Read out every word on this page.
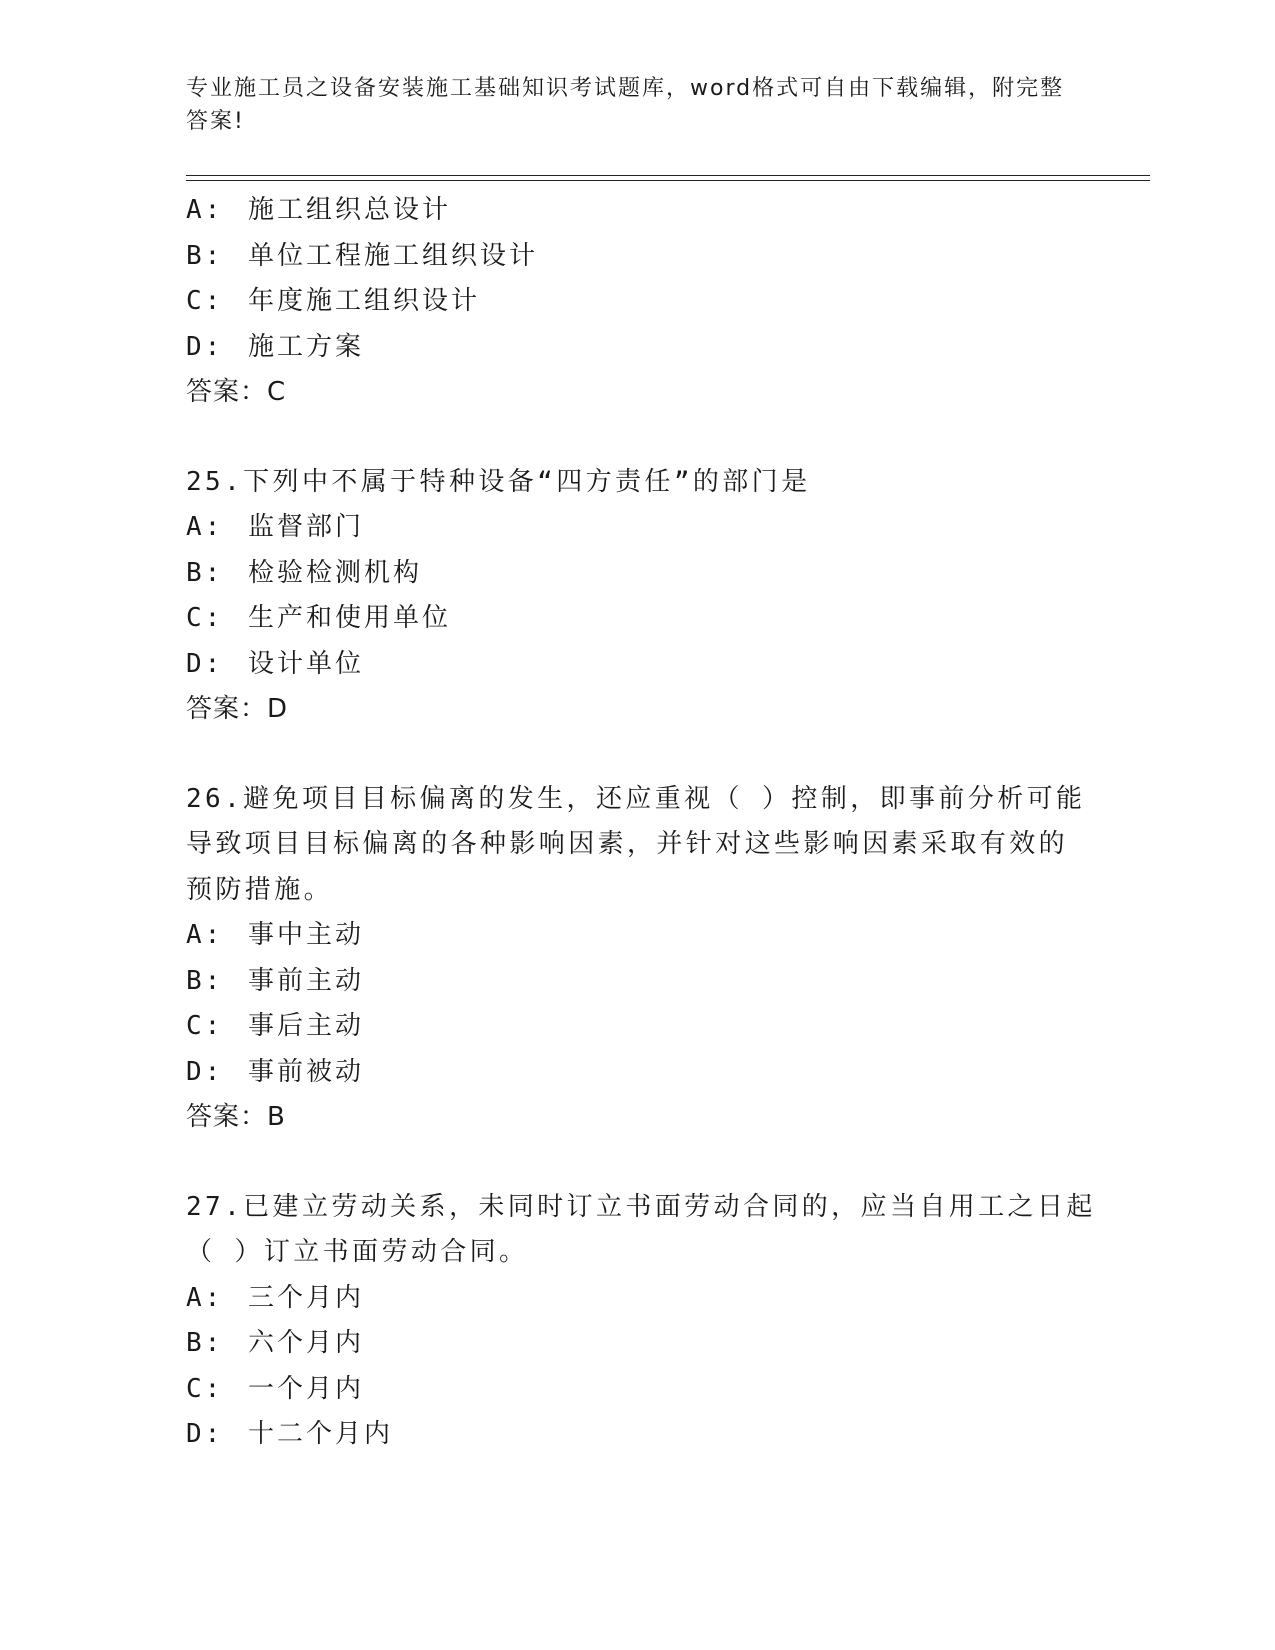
专业施工员之设备安装施工基础知识考试题库，word格式可自由下载编辑，附完整答案!
A: 施工组织总设计
B: 单位工程施工组织设计
C: 年度施工组织设计
D: 施工方案
答案：C
25.下列中不属于特种设备“四方责任”的部门是
A: 监督部门
B: 检验检测机构
C: 生产和使用单位
D: 设计单位
答案：D
26.避免项目目标偏离的发生，还应重视（ ）控制，即事前分析可能
导致项目目标偏离的各种影响因素，并针对这些影响因素采取有效的
预防措施。
A: 事中主动
B: 事前主动
C: 事后主动
D: 事前被动
答案：B
27.已建立劳动关系，未同时订立书面劳动合同的，应当自用工之日起
（ ）订立书面劳动合同。
A: 三个月内
B: 六个月内
C: 一个月内
D: 十二个月内
